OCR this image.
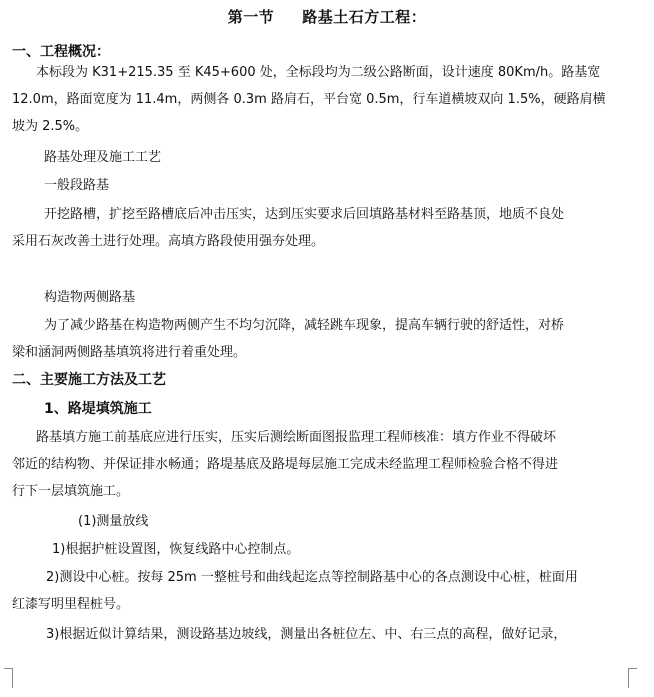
第一节 路基土石方工程：
一、工程概况：
本标段为 K31+215.35 至 K45+600 处，全标段均为二级公路断面，设计速度 80Km/h。路基宽
12.0m，路面宽度为 11.4m，两侧各 0.3m 路肩石，平台宽 0.5m，行车道横坡双向 1.5%，硬路肩横
坡为 2.5%。
路基处理及施工工艺
一般段路基
开挖路槽，扩挖至路槽底后冲击压实，达到压实要求后回填路基材料至路基顶，地质不良处
采用石灰改善土进行处理。高填方路段使用强夯处理。
构造物两侧路基
为了减少路基在构造物两侧产生不均匀沉降，减轻跳车现象，提高车辆行驶的舒适性，对桥
梁和涵洞两侧路基填筑将进行着重处理。
二、主要施工方法及工艺
1、路堤填筑施工
路基填方施工前基底应进行压实，压实后测绘断面图报监理工程师核准：填方作业不得破坏
邻近的结构物、并保证排水畅通；路堤基底及路堤每层施工完成未经监理工程师检验合格不得进
行下一层填筑施工。
(1)测量放线
1)根据护桩设置图，恢复线路中心控制点。
2)测设中心桩。按每 25m 一整桩号和曲线起迄点等控制路基中心的各点测设中心桩，桩面用
红漆写明里程桩号。
3)根据近似计算结果，测设路基边坡线，测量出各桩位左、中、右三点的高程，做好记录，
